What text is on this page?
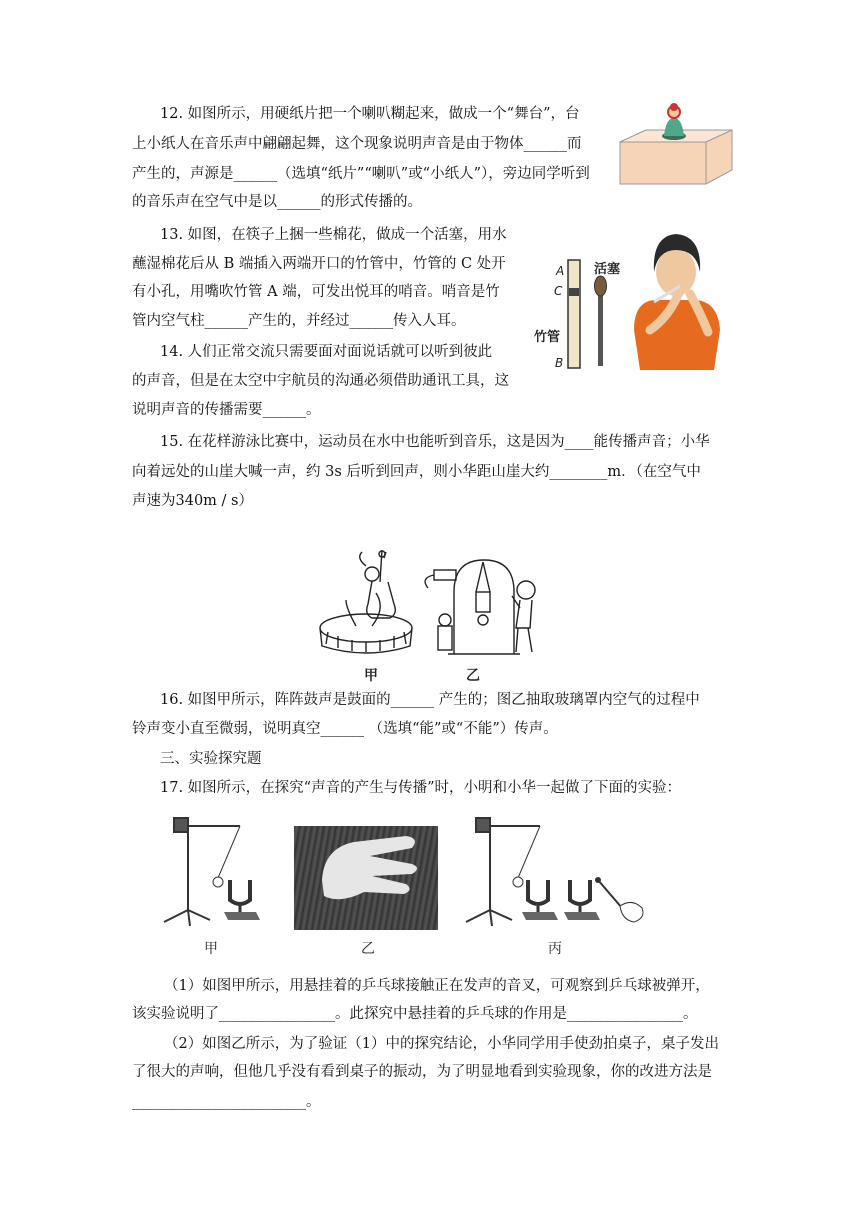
12. 如图所示，用硬纸片把一个喇叭糊起来，做成一个“舞台”，台
上小纸人在音乐声中翩翩起舞，这个现象说明声音是由于物体______而
产生的，声源是______（选填“纸片”“喇叭”或“小纸人”），旁边同学听到
的音乐声在空气中是以______的形式传播的。
13. 如图，在筷子上捆一些棉花，做成一个活塞，用水
蘸湿棉花后从 B 端插入两端开口的竹管中，竹管的 C 处开
有小孔，用嘴吹竹管 A 端，可发出悦耳的哨音。哨音是竹
管内空气柱______产生的，并经过______传入人耳。
A
C
B
竹管
活塞
14. 人们正常交流只需要面对面说话就可以听到彼此
的声音，但是在太空中宇航员的沟通必须借助通讯工具，这
说明声音的传播需要______。
15. 在花样游泳比赛中，运动员在水中也能听到音乐，这是因为____能传播声音；小华
向着远处的山崖大喊一声，约 3s 后听到回声，则小华距山崖大约________m．（在空气中
声速为340m / s）
甲	乙
16. 如图甲所示，阵阵鼓声是鼓面的______ 产生的；图乙抽取玻璃罩内空气的过程中
铃声变小直至微弱，说明真空______ （选填“能”或“不能”）传声。
三、实验探究题
17. 如图所示，在探究“声音的产生与传播”时，小明和小华一起做了下面的实验：
甲	乙	丙
（1）如图甲所示，用悬挂着的乒乓球接触正在发声的音叉，可观察到乒乓球被弹开，
该实验说明了________________。此探究中悬挂着的乒乓球的作用是________________。
（2）如图乙所示，为了验证（1）中的探究结论，小华同学用手使劲拍桌子，桌子发出
了很大的声响，但他几乎没有看到桌子的振动，为了明显地看到实验现象，你的改进方法是
________________________。
